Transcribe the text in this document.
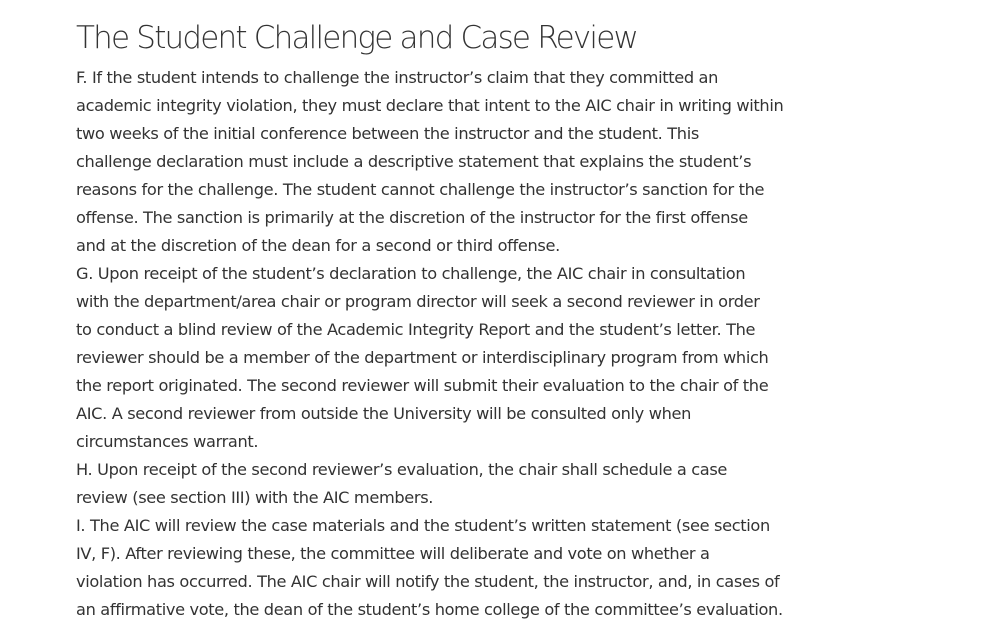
The Student Challenge and Case Review

F. If the student intends to challenge the instructor’s claim that they committed an
academic integrity violation, they must declare that intent to the AIC chair in writing within
two weeks of the initial conference between the instructor and the student. This
challenge declaration must include a descriptive statement that explains the student’s
reasons for the challenge. The student cannot challenge the instructor’s sanction for the
offense. The sanction is primarily at the discretion of the instructor for the first offense
and at the discretion of the dean for a second or third offense.

G. Upon receipt of the student’s declaration to challenge, the AIC chair in consultation
with the department/area chair or program director will seek a second reviewer in order
to conduct a blind review of the Academic Integrity Report and the student’s letter. The
reviewer should be a member of the department or interdisciplinary program from which
the report originated. The second reviewer will submit their evaluation to the chair of the
AIC. A second reviewer from outside the University will be consulted only when
circumstances warrant.

H. Upon receipt of the second reviewer’s evaluation, the chair shall schedule a case
review (see section III) with the AIC members.

I. The AIC will review the case materials and the student’s written statement (see section
IV, F). After reviewing these, the committee will deliberate and vote on whether a
violation has occurred. The AIC chair will notify the student, the instructor, and, in cases of
an affirmative vote, the dean of the student’s home college of the committee’s evaluation.
